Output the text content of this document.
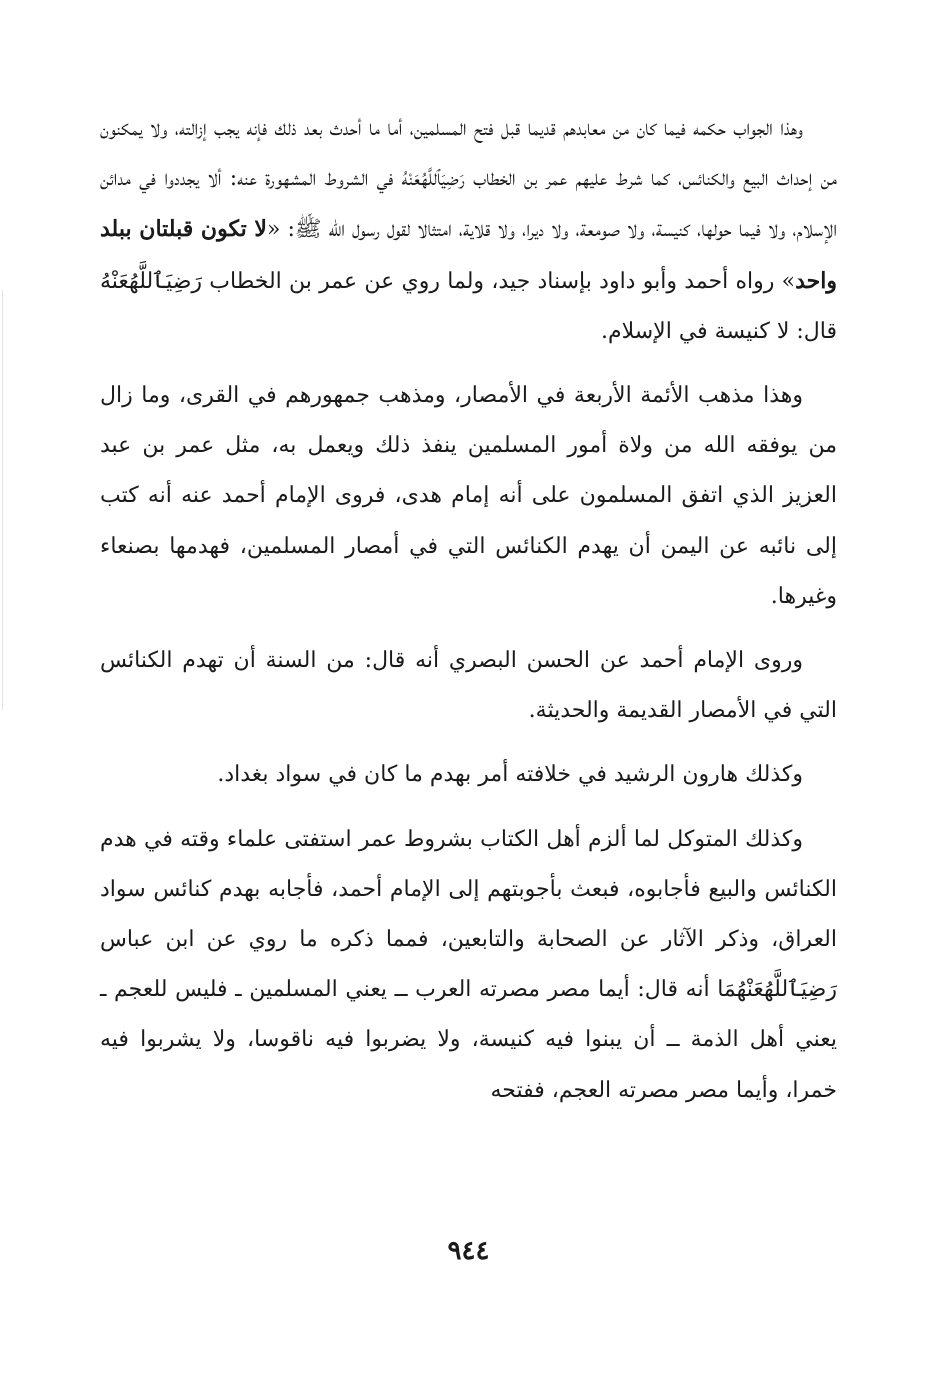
وهذا الجواب حكمه فيما كان من معابدهم قديما قبل فتح المسلمين، أما ما أحدث بعد ذلك فإنه يجب إزالته، ولا يمكنون من إحداث البيع والكنائس، كما شرط عليهم عمر بن الخطاب رَضِيَٱللَّهُعَنْهُ في الشروط المشهورة عنه: ألا يجددوا في مدائن الإسلام، ولا فيما حولها، كنيسة، ولا صومعة، ولا ديرا، ولا قلاية، امتثالا لقول رسول الله ﷺ: «لا تكون قبلتان ببلد واحد» رواه أحمد وأبو داود بإسناد جيد، ولما روي عن عمر بن الخطاب رَضِيَٱللَّهُعَنْهُ قال: لا كنيسة في الإسلام.

وهذا مذهب الأئمة الأربعة في الأمصار، ومذهب جمهورهم في القرى، وما زال من يوفقه الله من ولاة أمور المسلمين ينفذ ذلك ويعمل به، مثل عمر بن عبد العزيز الذي اتفق المسلمون على أنه إمام هدى، فروى الإمام أحمد عنه أنه كتب إلى نائبه عن اليمن أن يهدم الكنائس التي في أمصار المسلمين، فهدمها بصنعاء وغيرها.

وروى الإمام أحمد عن الحسن البصري أنه قال: من السنة أن تهدم الكنائس التي في الأمصار القديمة والحديثة.

وكذلك هارون الرشيد في خلافته أمر بهدم ما كان في سواد بغداد.

وكذلك المتوكل لما ألزم أهل الكتاب بشروط عمر استفتى علماء وقته في هدم الكنائس والبيع فأجابوه، فبعث بأجوبتهم إلى الإمام أحمد، فأجابه بهدم كنائس سواد العراق، وذكر الآثار عن الصحابة والتابعين، فمما ذكره ما روي عن ابن عباس رَضِيَٱللَّهُعَنْهُمَا أنه قال: أيما مصر مصرته العرب ــ يعني المسلمين ـ فليس للعجم ـ يعني أهل الذمة ــ أن يبنوا فيه كنيسة، ولا يضربوا فيه ناقوسا، ولا يشربوا فيه خمرا، وأيما مصر مصرته العجم، ففتحه

٩٤٤
